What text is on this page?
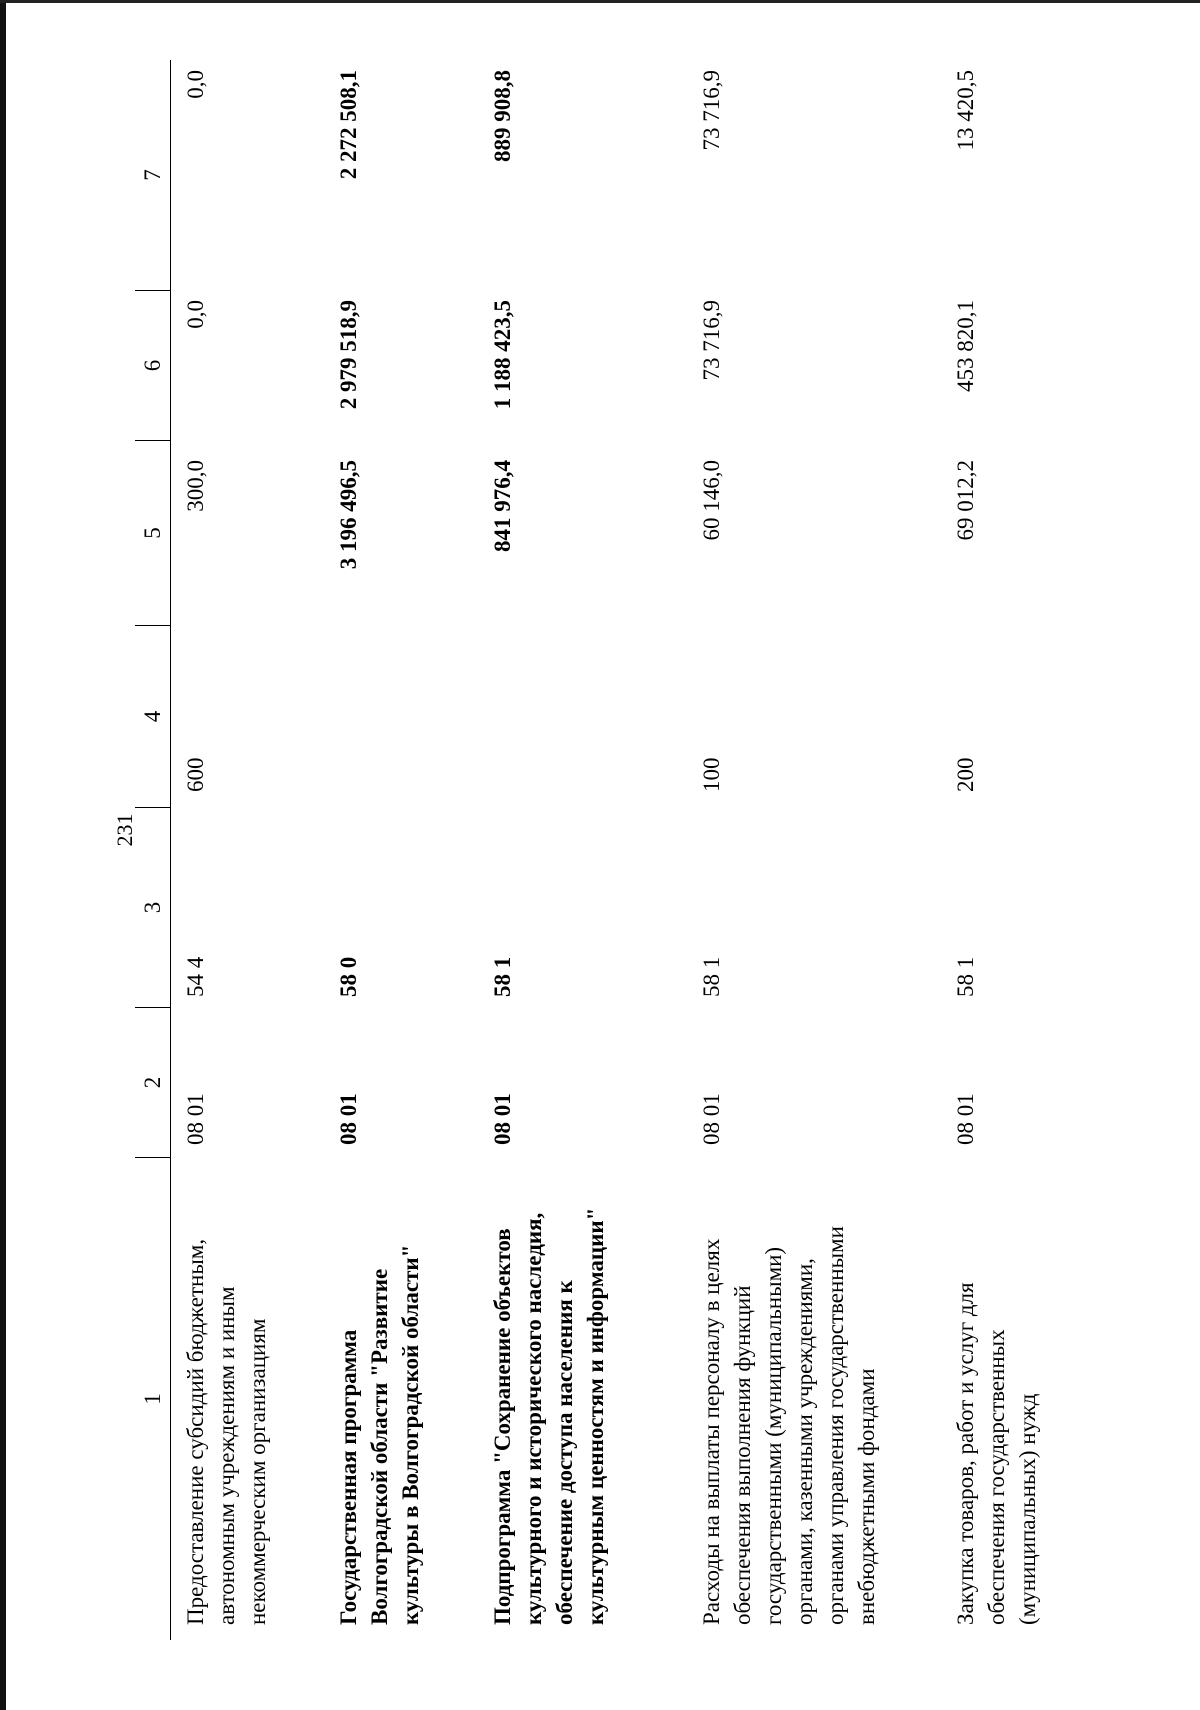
231
1
2
3
4
5
6
7
Предоставление субсидий бюджетным, автономным учреждениям и иным некоммерческим организациям
08 01
54 4
600
300,0
0,0
0,0
Государственная программа Волгоградской области "Развитие культуры в Волгоградской области"
08 01
58 0
3 196 496,5
2 979 518,9
2 272 508,1
Подпрограмма "Сохранение объектов культурного и исторического наследия, обеспечение доступа населения к культурным ценностям и информации"
08 01
58 1
841 976,4
1 188 423,5
889 908,8
Расходы на выплаты персоналу в целях обеспечения выполнения функций государственными (муниципальными) органами, казенными учреждениями, органами управления государственными внебюджетными фондами
08 01
58 1
100
60 146,0
73 716,9
73 716,9
Закупка товаров, работ и услуг для обеспечения государственных (муниципальных) нужд
08 01
58 1
200
69 012,2
453 820,1
13 420,5
